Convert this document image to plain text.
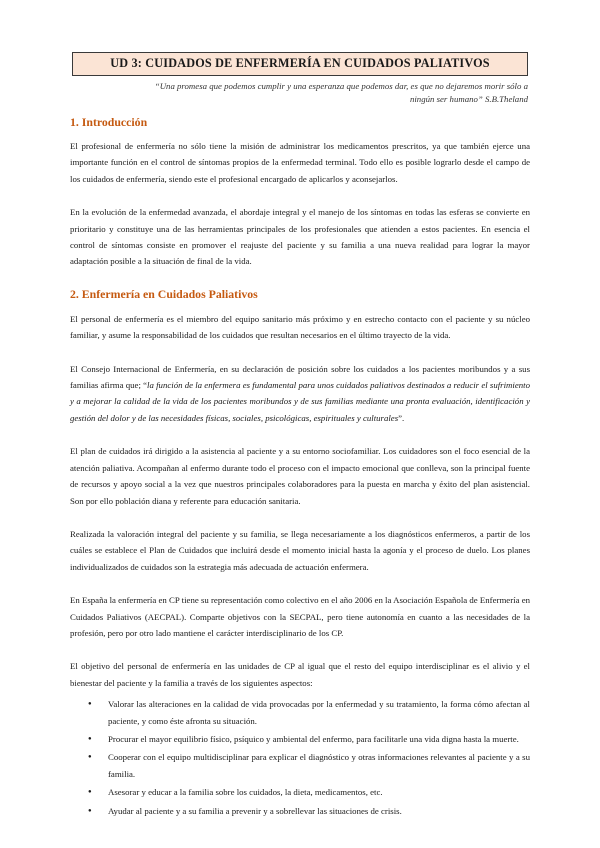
UD 3: CUIDADOS DE ENFERMERÍA EN CUIDADOS PALIATIVOS
“Una promesa que podemos cumplir y una esperanza que podemos dar, es que no dejaremos morir sólo a
ningún ser humano” S.B.Theland
1. Introducción

El profesional de enfermería no sólo tiene la misión de administrar los medicamentos prescritos, ya que también ejerce una importante función en el control de síntomas propios de la enfermedad terminal. Todo ello es posible lograrlo desde el campo de los cuidados de enfermería, siendo este el profesional encargado de aplicarlos y aconsejarlos.

En la evolución de la enfermedad avanzada, el abordaje integral y el manejo de los síntomas en todas las esferas se convierte en prioritario y constituye una de las herramientas principales de los profesionales que atienden a estos pacientes. En esencia el control de síntomas consiste en promover el reajuste del paciente y su familia a una nueva realidad para lograr la mayor adaptación posible a la situación de final de la vida.

2. Enfermería en Cuidados Paliativos

El personal de enfermería es el miembro del equipo sanitario más próximo y en estrecho contacto con el paciente y su núcleo familiar, y asume la responsabilidad de los cuidados que resultan necesarios en el último trayecto de la vida.

El Consejo Internacional de Enfermería, en su declaración de posición sobre los cuidados a los pacientes moribundos y a sus familias afirma que; “la función de la enfermera es fundamental para unos cuidados paliativos destinados a reducir el sufrimiento y a mejorar la calidad de la vida de los pacientes moribundos y de sus familias mediante una pronta evaluación, identificación y gestión del dolor y de las necesidades físicas, sociales, psicológicas, espirituales y culturales”.

El plan de cuidados irá dirigido a la asistencia al paciente y a su entorno sociofamiliar. Los cuidadores son el foco esencial de la atención paliativa. Acompañan al enfermo durante todo el proceso con el impacto emocional que conlleva, son la principal fuente de recursos y apoyo social a la vez que nuestros principales colaboradores para la puesta en marcha y éxito del plan asistencial. Son por ello población diana y referente para educación sanitaria.

Realizada la valoración integral del paciente y su familia, se llega necesariamente a los diagnósticos enfermeros, a partir de los cuáles se establece el Plan de Cuidados que incluirá desde el momento inicial hasta la agonía y el proceso de duelo. Los planes individualizados de cuidados son la estrategia más adecuada de actuación enfermera.

En España la enfermería en CP tiene su representación como colectivo en el año 2006 en la Asociación Española de Enfermería en Cuidados Paliativos (AECPAL). Comparte objetivos con la SECPAL, pero tiene autonomía en cuanto a las necesidades de la profesión, pero por otro lado mantiene el carácter interdisciplinario de los CP.

El objetivo del personal de enfermería en las unidades de CP al igual que el resto del equipo interdisciplinar es el alivio y el bienestar del paciente y la familia a través de los siguientes aspectos:

● Valorar las alteraciones en la calidad de vida provocadas por la enfermedad y su tratamiento, la forma cómo afectan al paciente, y como éste afronta su situación.
● Procurar el mayor equilibrio físico, psíquico y ambiental del enfermo, para facilitarle una vida digna hasta la muerte.
● Cooperar con el equipo multidisciplinar para explicar el diagnóstico y otras informaciones relevantes al paciente y a su familia.
● Asesorar y educar a la familia sobre los cuidados, la dieta, medicamentos, etc.
● Ayudar al paciente y a su familia a prevenir y a sobrellevar las situaciones de crisis.
